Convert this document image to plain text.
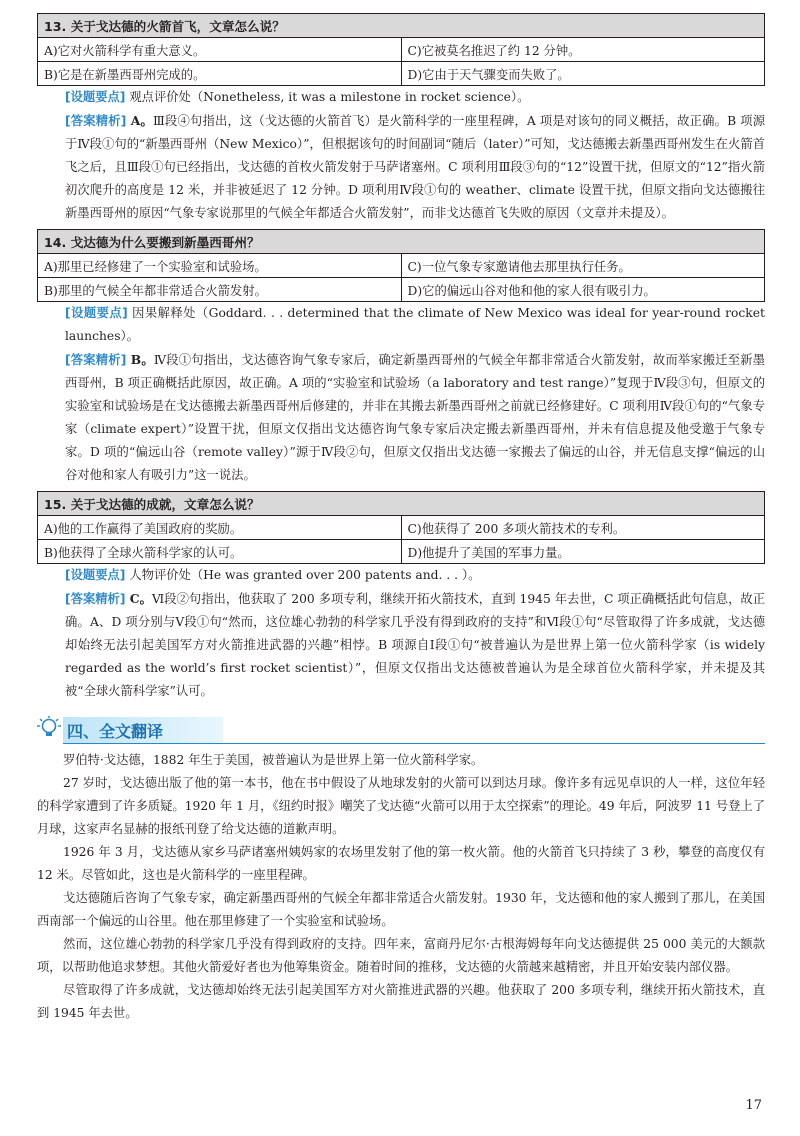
13. 关于戈达德的火箭首飞，文章怎么说？	
A)它对火箭科学有重大意义。	C)它被莫名推迟了约 12 分钟。
B)它是在新墨西哥州完成的。	D)它由于天气骤变而失败了。

[设题要点] 观点评价处（Nonetheless, it was a milestone in rocket science）。

[答案精析] A。Ⅲ段④句指出，这（戈达德的火箭首飞）是火箭科学的一座里程碑，A 项是对该句的同义概括，故正确。B 项源于Ⅳ段①句的“新墨西哥州（New Mexico）”，但根据该句的时间副词“随后（later）”可知，戈达德搬去新墨西哥州发生在火箭首飞之后，且Ⅲ段①句已经指出，戈达德的首枚火箭发射于马萨诸塞州。C 项利用Ⅲ段③句的“12”设置干扰，但原文的“12”指火箭初次爬升的高度是 12 米，并非被延迟了 12 分钟。D 项利用Ⅳ段①句的 weather、climate 设置干扰，但原文指向戈达德搬往新墨西哥州的原因“气象专家说那里的气候全年都适合火箭发射”，而非戈达德首飞失败的原因（文章并未提及）。

14. 戈达德为什么要搬到新墨西哥州？	
A)那里已经修建了一个实验室和试验场。	C)一位气象专家邀请他去那里执行任务。
B)那里的气候全年都非常适合火箭发射。	D)它的偏远山谷对他和他的家人很有吸引力。

[设题要点] 因果解释处（Goddard. . . determined that the climate of New Mexico was ideal for year-round rocket launches）。

[答案精析] B。Ⅳ段①句指出，戈达德咨询气象专家后，确定新墨西哥州的气候全年都非常适合火箭发射，故而举家搬迁至新墨西哥州，B 项正确概括此原因，故正确。A 项的“实验室和试验场（a laboratory and test range）”复现于Ⅳ段③句，但原文的实验室和试验场是在戈达德搬去新墨西哥州后修建的，并非在其搬去新墨西哥州之前就已经修建好。C 项利用Ⅳ段①句的“气象专家（climate expert）”设置干扰，但原文仅指出戈达德咨询气象专家后决定搬去新墨西哥州，并未有信息提及他受邀于气象专家。D 项的“偏远山谷（remote valley）”源于Ⅳ段②句，但原文仅指出戈达德一家搬去了偏远的山谷，并无信息支撑“偏远的山谷对他和家人有吸引力”这一说法。

15. 关于戈达德的成就，文章怎么说？	
A)他的工作赢得了美国政府的奖励。	C)他获得了 200 多项火箭技术的专利。
B)他获得了全球火箭科学家的认可。	D)他提升了美国的军事力量。

[设题要点] 人物评价处（He was granted over 200 patents and. . . ）。

[答案精析] C。Ⅵ段②句指出，他获取了 200 多项专利，继续开拓火箭技术，直到 1945 年去世，C 项正确概括此句信息，故正确。A、D 项分别与Ⅴ段①句“然而，这位雄心勃勃的科学家几乎没有得到政府的支持”和Ⅵ段①句“尽管取得了许多成就，戈达德却始终无法引起美国军方对火箭推进武器的兴趣”相悖。B 项源自Ⅰ段①句“被普遍认为是世界上第一位火箭科学家（is widely regarded as the world’s first rocket scientist）”，但原文仅指出戈达德被普遍认为是全球首位火箭科学家，并未提及其被“全球火箭科学家”认可。

四、全文翻译

罗伯特·戈达德，1882 年生于美国，被普遍认为是世界上第一位火箭科学家。

27 岁时，戈达德出版了他的第一本书，他在书中假设了从地球发射的火箭可以到达月球。像许多有远见卓识的人一样，这位年轻的科学家遭到了许多质疑。1920 年 1 月，《纽约时报》嘲笑了戈达德“火箭可以用于太空探索”的理论。49 年后，阿波罗 11 号登上了月球，这家声名显赫的报纸刊登了给戈达德的道歉声明。

1926 年 3 月，戈达德从家乡马萨诸塞州姨妈家的农场里发射了他的第一枚火箭。他的火箭首飞只持续了 3 秒，攀登的高度仅有 12 米。尽管如此，这也是火箭科学的一座里程碑。

戈达德随后咨询了气象专家，确定新墨西哥州的气候全年都非常适合火箭发射。1930 年，戈达德和他的家人搬到了那儿，在美国西南部一个偏远的山谷里。他在那里修建了一个实验室和试验场。

然而，这位雄心勃勃的科学家几乎没有得到政府的支持。四年来，富商丹尼尔·古根海姆每年向戈达德提供 25 000 美元的大额款项，以帮助他追求梦想。其他火箭爱好者也为他筹集资金。随着时间的推移，戈达德的火箭越来越精密，并且开始安装内部仪器。

尽管取得了许多成就，戈达德却始终无法引起美国军方对火箭推进武器的兴趣。他获取了 200 多项专利，继续开拓火箭技术，直到 1945 年去世。

17
